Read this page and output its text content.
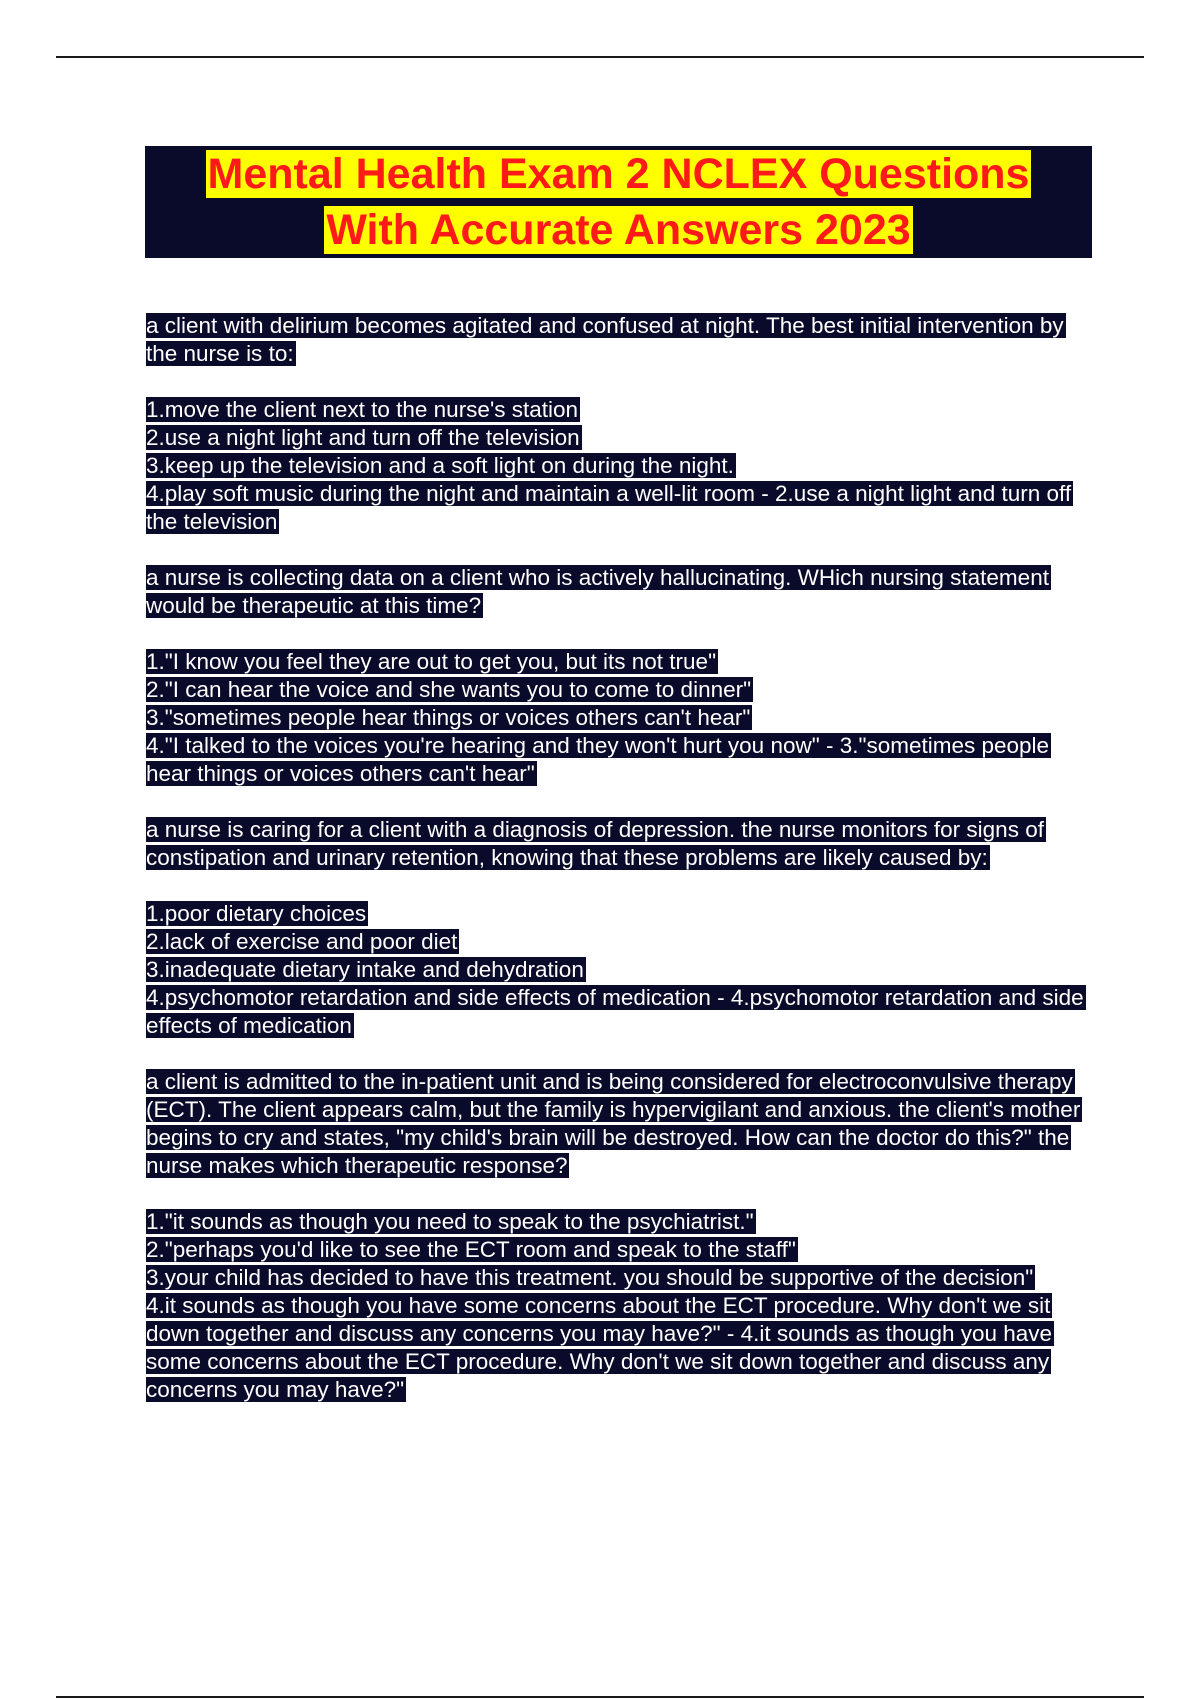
Mental Health Exam 2 NCLEX Questions
With Accurate Answers 2023

a client with delirium becomes agitated and confused at night. The best initial intervention by the nurse is to:

1.move the client next to the nurse's station
2.use a night light and turn off the television
3.keep up the television and a soft light on during the night.
4.play soft music during the night and maintain a well-lit room - 2.use a night light and turn off the television

a nurse is collecting data on a client who is actively hallucinating. WHich nursing statement would be therapeutic at this time?

1."I know you feel they are out to get you, but its not true"
2."I can hear the voice and she wants you to come to dinner"
3."sometimes people hear things or voices others can't hear"
4."I talked to the voices you're hearing and they won't hurt you now" - 3."sometimes people hear things or voices others can't hear"

a nurse is caring for a client with a diagnosis of depression. the nurse monitors for signs of constipation and urinary retention, knowing that these problems are likely caused by:

1.poor dietary choices
2.lack of exercise and poor diet
3.inadequate dietary intake and dehydration
4.psychomotor retardation and side effects of medication - 4.psychomotor retardation and side effects of medication

a client is admitted to the in-patient unit and is being considered for electroconvulsive therapy (ECT). The client appears calm, but the family is hypervigilant and anxious. the client's mother begins to cry and states, "my child's brain will be destroyed. How can the doctor do this?" the nurse makes which therapeutic response?

1."it sounds as though you need to speak to the psychiatrist."
2."perhaps you'd like to see the ECT room and speak to the staff"
3.your child has decided to have this treatment. you should be supportive of the decision"
4.it sounds as though you have some concerns about the ECT procedure. Why don't we sit down together and discuss any concerns you may have?" - 4.it sounds as though you have some concerns about the ECT procedure. Why don't we sit down together and discuss any concerns you may have?"
